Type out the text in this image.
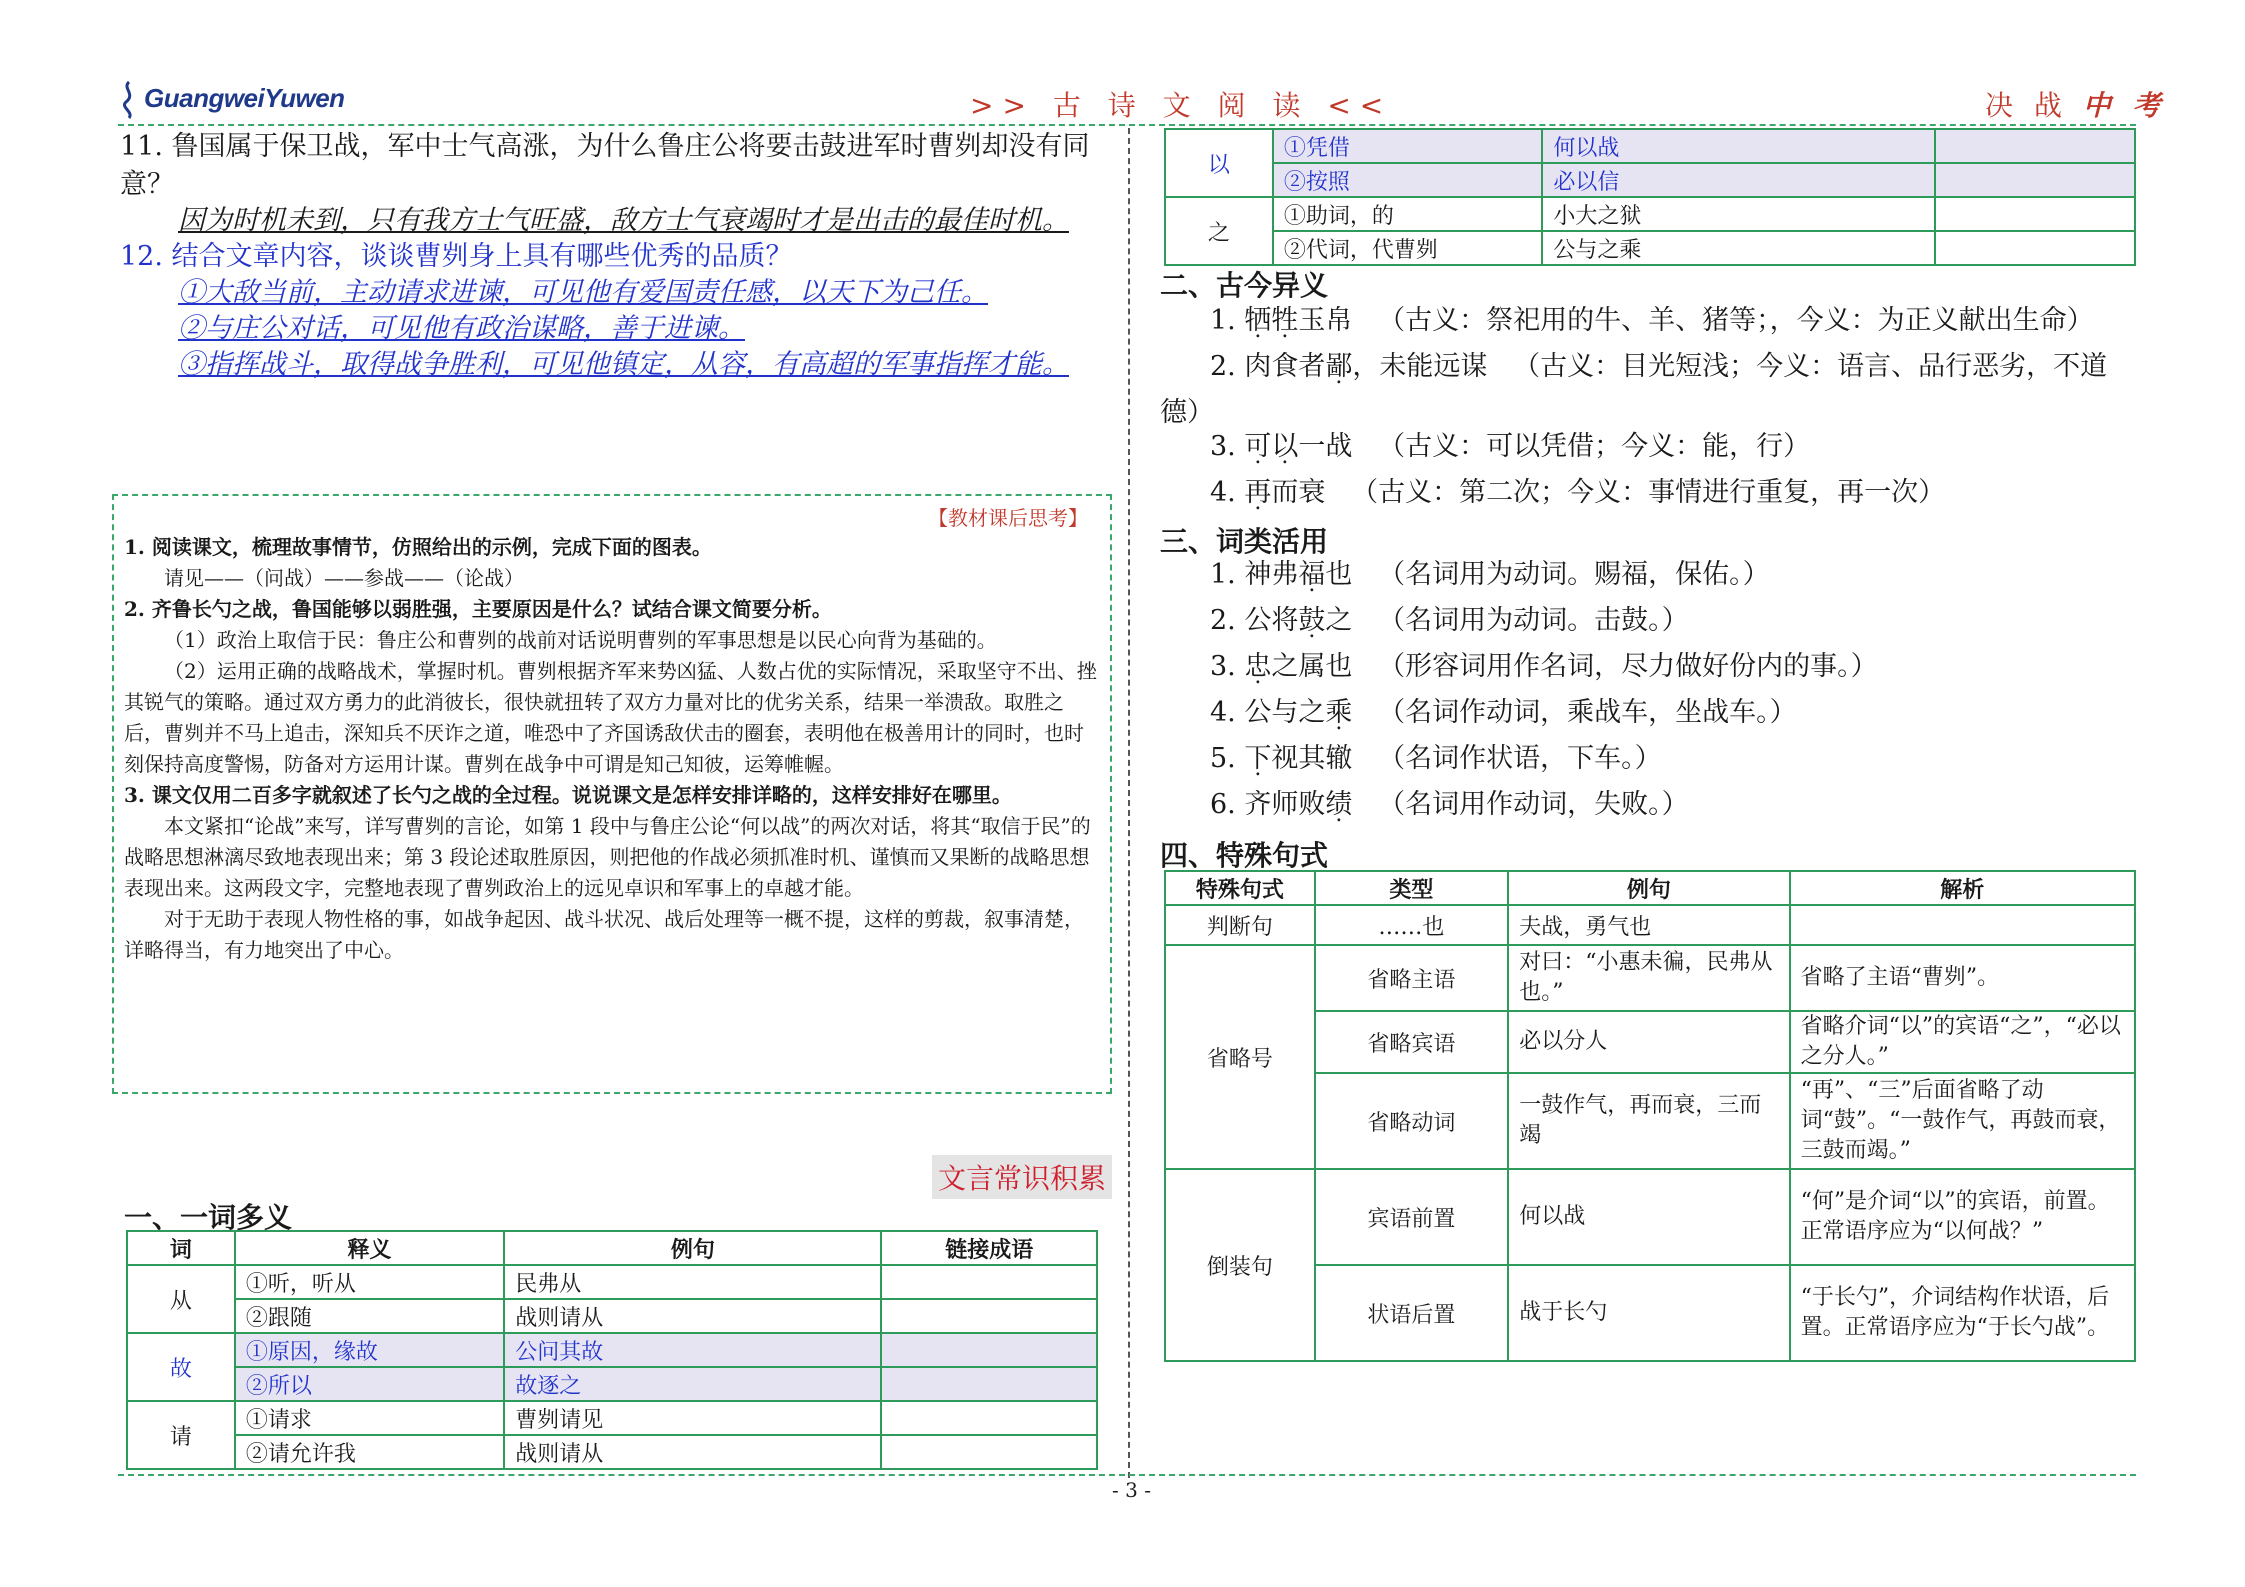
GuangweiYuwen	>> 古 诗 文 阅 读 <<	决 战 中 考
11. 鲁国属于保卫战，军中士气高涨，为什么鲁庄公将要击鼓进军时曹刿却没有同意？
因为时机未到，只有我方士气旺盛，敌方士气衰竭时才是出击的最佳时机。
12. 结合文章内容，谈谈曹刿身上具有哪些优秀的品质？
①大敌当前，主动请求进谏，可见他有爱国责任感，以天下为己任。
②与庄公对话，可见他有政治谋略，善于进谏。
③指挥战斗，取得战争胜利，可见他镇定，从容，有高超的军事指挥才能。
【教材课后思考】

1. 阅读课文，梳理故事情节，仿照给出的示例，完成下面的图表。

请见——（问战）——参战——（论战）

2. 齐鲁长勺之战，鲁国能够以弱胜强，主要原因是什么？试结合课文简要分析。

（1）政治上取信于民：鲁庄公和曹刿的战前对话说明曹刿的军事思想是以民心向背为基础的。

（2）运用正确的战略战术，掌握时机。曹刿根据齐军来势凶猛、人数占优的实际情况，采取坚守不出、挫其锐气的策略。通过双方勇力的此消彼长，很快就扭转了双方力量对比的优劣关系，结果一举溃敌。取胜之后，曹刿并不马上追击，深知兵不厌诈之道，唯恐中了齐国诱敌伏击的圈套，表明他在极善用计的同时，也时刻保持高度警惕，防备对方运用计谋。曹刿在战争中可谓是知己知彼，运筹帷幄。

3. 课文仅用二百多字就叙述了长勺之战的全过程。说说课文是怎样安排详略的，这样安排好在哪里。

本文紧扣“论战”来写，详写曹刿的言论，如第 1 段中与鲁庄公论“何以战”的两次对话，将其“取信于民”的战略思想淋漓尽致地表现出来；第 3 段论述取胜原因，则把他的作战必须抓准时机、谨慎而又果断的战略思想表现出来。这两段文字，完整地表现了曹刿政治上的远见卓识和军事上的卓越才能。

对于无助于表现人物性格的事，如战争起因、战斗状况、战后处理等一概不提，这样的剪裁，叙事清楚，详略得当，有力地突出了中心。

文言常识积累
一、一词多义
词	释义	例句	链接成语
从	①听，听从	民弗从	
	②跟随	战则请从	
故	①原因，缘故	公问其故	
	②所以	故逐之	
请	①请求	曹刿请见	
	②请允许我	战则请从	
以	①凭借	何以战	
	②按照	必以信	
之	①助词，的	小大之狱	
	②代词，代曹刿	公与之乘	
二、古今异义
1. 牺牲玉帛 （古义：祭祀用的牛、羊、猪等；，今义：为正义献出生命）
2. 肉食者鄙，未能远谋 （古义：目光短浅；今义：语言、品行恶劣，不道
德）
3. 可以一战 （古义：可以凭借；今义：能，行）
4. 再而衰 （古义：第二次；今义：事情进行重复，再一次）
三、词类活用
1. 神弗福也 （名词用为动词。赐福，保佑。）
2. 公将鼓之 （名词用为动词。击鼓。）
3. 忠之属也 （形容词用作名词，尽力做好份内的事。）
4. 公与之乘 （名词作动词，乘战车，坐战车。）
5. 下视其辙 （名词作状语，下车。）
6. 齐师败绩 （名词用作动词，失败。）
四、特殊句式
特殊句式	类型	例句	解析
判断句	……也	夫战，勇气也	
省略号	省略主语	对曰：“小惠未徧，民弗从也。”	省略了主语“曹刿”。
	省略宾语	必以分人	省略介词“以”的宾语“之”，“必以之分人。”
	省略动词	一鼓作气，再而衰，三而竭	“再”、“三”后面省略了动词“鼓”。“一鼓作气，再鼓而衰，三鼓而竭。”
倒装句	宾语前置	何以战	“何”是介词“以”的宾语，前置。正常语序应为“以何战？”
	状语后置	战于长勺	“于长勺”，介词结构作状语，后置。正常语序应为“于长勺战”。
- 3 -
